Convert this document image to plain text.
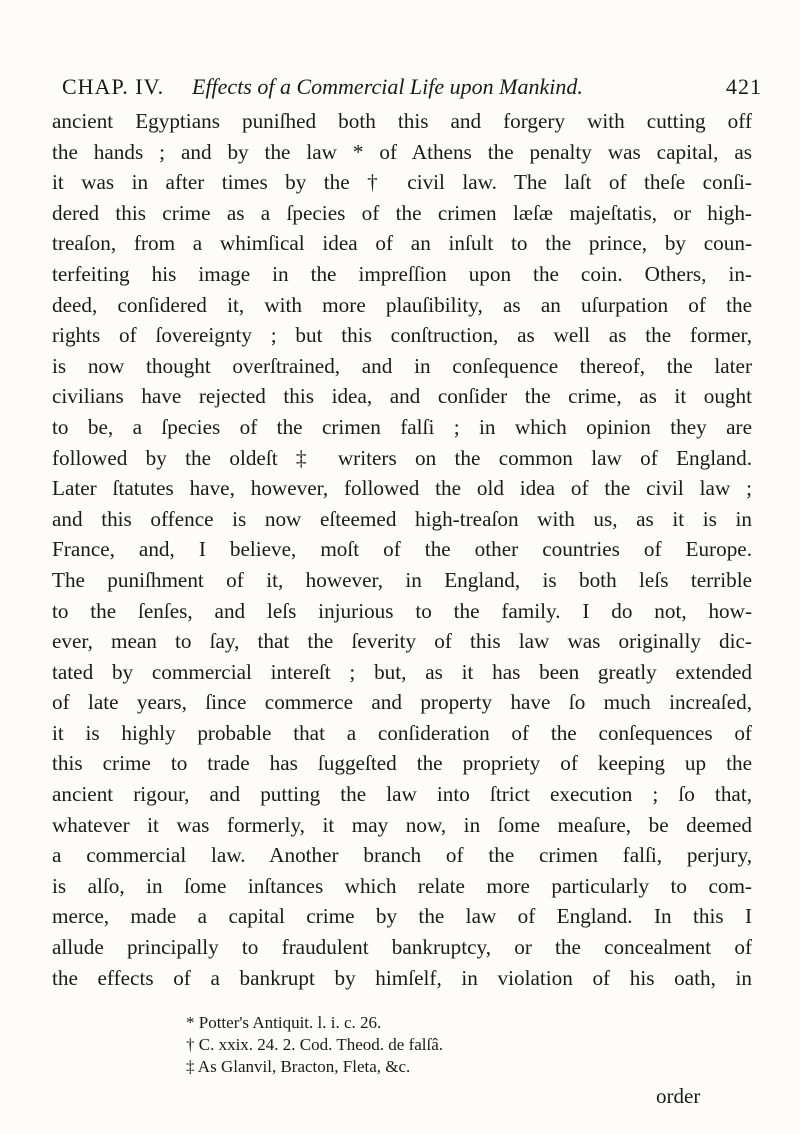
CHAP. IV. Effects of a Commercial Life upon Mankind.	421
ancient Egyptians puniſhed both this and forgery with cutting off
the hands ; and by the law * of Athens the penalty was capital, as
it was in after times by the † civil law. The laſt of theſe conſi-
dered this crime as a ſpecies of the crimen læſæ majeſtatis, or high-
treaſon, from a whimſical idea of an inſult to the prince, by coun-
terfeiting his image in the impreſſion upon the coin. Others, in-
deed, conſidered it, with more plauſibility, as an uſurpation of the
rights of ſovereignty ; but this conſtruction, as well as the former,
is now thought overſtrained, and in conſequence thereof, the later
civilians have rejected this idea, and conſider the crime, as it ought
to be, a ſpecies of the crimen falſi ; in which opinion they are
followed by the oldeſt ‡ writers on the common law of England.
Later ſtatutes have, however, followed the old idea of the civil law ;
and this offence is now eſteemed high-treaſon with us, as it is in
France, and, I believe, moſt of the other countries of Europe.
The puniſhment of it, however, in England, is both leſs terrible
to the ſenſes, and leſs injurious to the family. I do not, how-
ever, mean to ſay, that the ſeverity of this law was originally dic-
tated by commercial intereſt ; but, as it has been greatly extended
of late years, ſince commerce and property have ſo much increaſed,
it is highly probable that a conſideration of the conſequences of
this crime to trade has ſuggeſted the propriety of keeping up the
ancient rigour, and putting the law into ſtrict execution ; ſo that,
whatever it was formerly, it may now, in ſome meaſure, be deemed
a commercial law. Another branch of the crimen falſi, perjury,
is alſo, in ſome inſtances which relate more particularly to com-
merce, made a capital crime by the law of England. In this I
allude principally to fraudulent bankruptcy, or the concealment of
the effects of a bankrupt by himſelf, in violation of his oath, in
* Potter's Antiquit. l. i. c. 26.
† C. xxix. 24. 2. Cod. Theod. de falſâ.
‡ As Glanvil, Bracton, Fleta, &c.
order
